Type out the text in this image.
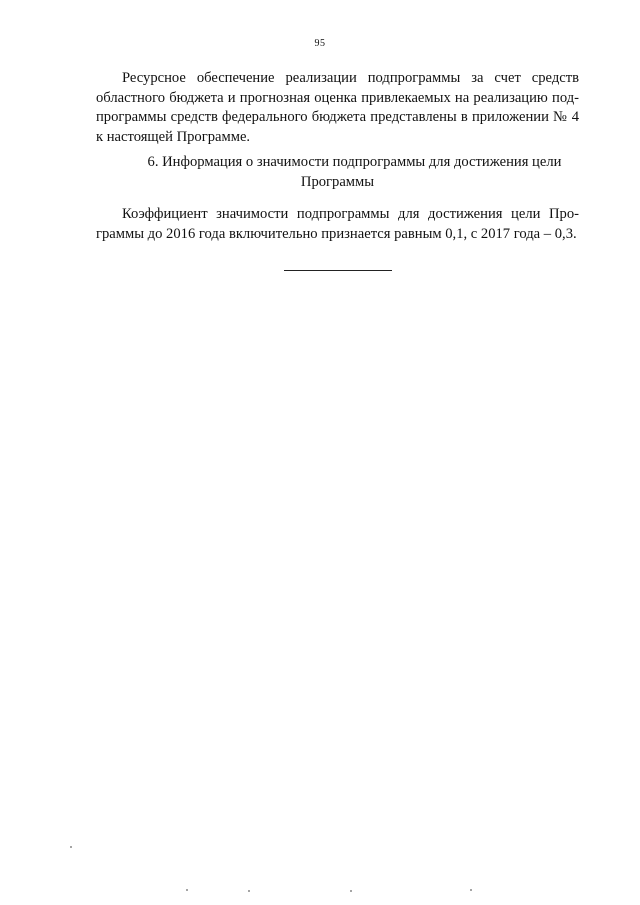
95
Ресурсное обеспечение реализации подпрограммы за счет средств
областного бюджета и прогнозная оценка привлекаемых на реализацию под-
программы средств федерального бюджета представлены в приложении № 4
к настоящей Программе.
6. Информация о значимости подпрограммы для достижения цели
Программы
Коэффициент значимости подпрограммы для достижения цели Про-
граммы до 2016 года включительно признается равным 0,1, с 2017 года – 0,3.
